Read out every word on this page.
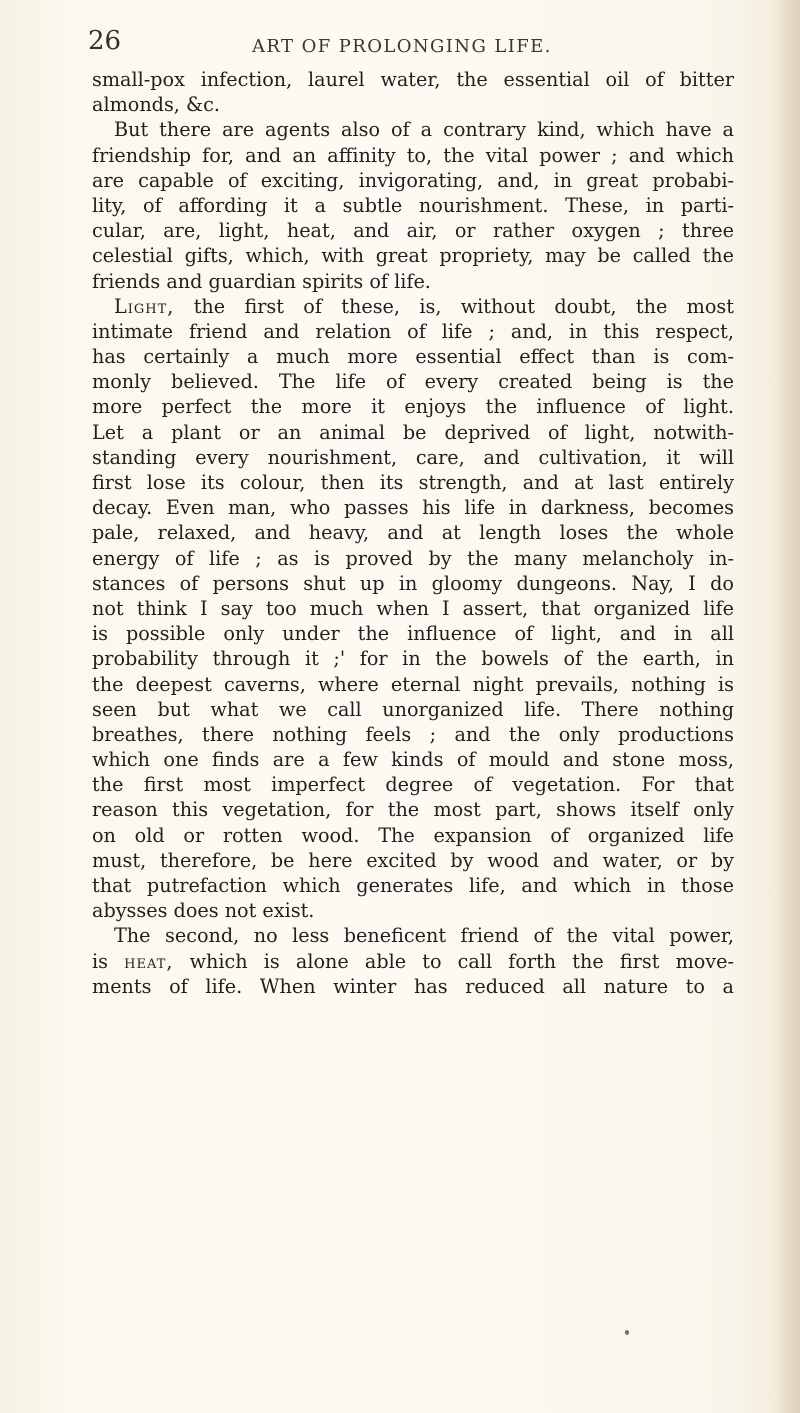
26	ART OF PROLONGING LIFE.
small-pox infection, laurel water, the essential oil of bitter
almonds, &c.
But there are agents also of a contrary kind, which have a
friendship for, and an affinity to, the vital power ; and which
are capable of exciting, invigorating, and, in great probabi-
lity, of affording it a subtle nourishment. These, in parti-
cular, are, light, heat, and air, or rather oxygen ; three
celestial gifts, which, with great propriety, may be called the
friends and guardian spirits of life.
Light, the first of these, is, without doubt, the most
intimate friend and relation of life ; and, in this respect,
has certainly a much more essential effect than is com-
monly believed. The life of every created being is the
more perfect the more it enjoys the influence of light.
Let a plant or an animal be deprived of light, notwith-
standing every nourishment, care, and cultivation, it will
first lose its colour, then its strength, and at last entirely
decay. Even man, who passes his life in darkness, becomes
pale, relaxed, and heavy, and at length loses the whole
energy of life ; as is proved by the many melancholy in-
stances of persons shut up in gloomy dungeons. Nay, I do
not think I say too much when I assert, that organized life
is possible only under the influence of light, and in all
probability through it ;' for in the bowels of the earth, in
the deepest caverns, where eternal night prevails, nothing is
seen but what we call unorganized life. There nothing
breathes, there nothing feels ; and the only productions
which one finds are a few kinds of mould and stone moss,
the first most imperfect degree of vegetation. For that
reason this vegetation, for the most part, shows itself only
on old or rotten wood. The expansion of organized life
must, therefore, be here excited by wood and water, or by
that putrefaction which generates life, and which in those
abysses does not exist.
The second, no less beneficent friend of the vital power,
is heat, which is alone able to call forth the first move-
ments of life. When winter has reduced all nature to a
